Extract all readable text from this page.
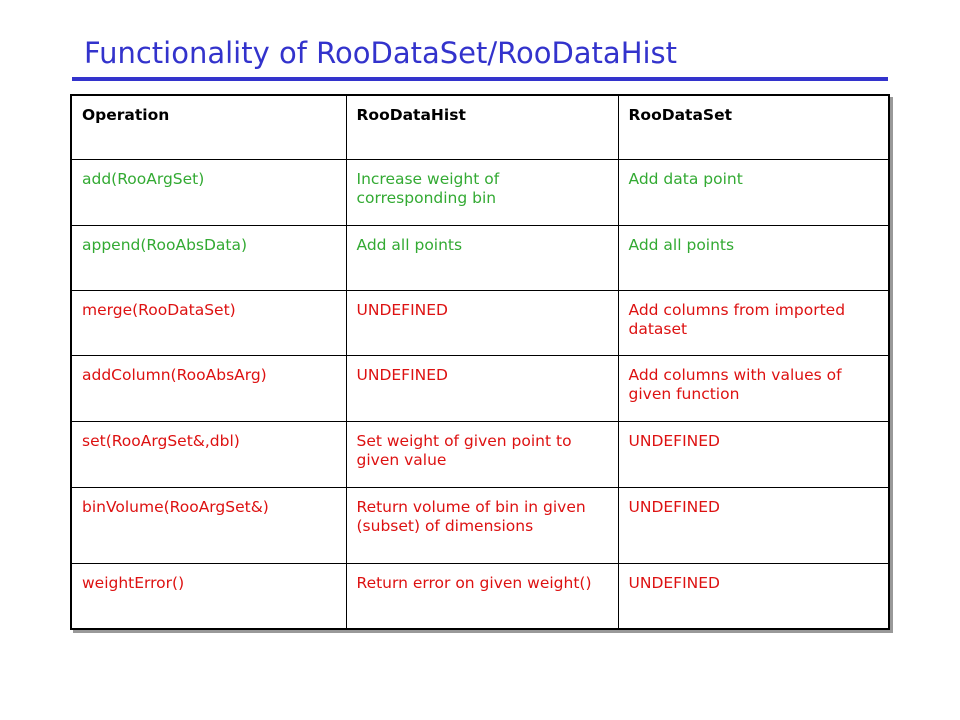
Functionality of RooDataSet/RooDataHist
Operation	RooDataHist	RooDataSet
add(RooArgSet)	Increase weight of corresponding bin	Add data point
append(RooAbsData)	Add all points	Add all points
merge(RooDataSet)	UNDEFINED	Add columns from imported dataset
addColumn(RooAbsArg)	UNDEFINED	Add columns with values of given function
set(RooArgSet&,dbl)	Set weight of given point to given value	UNDEFINED
binVolume(RooArgSet&)	Return volume of bin in given (subset) of dimensions	UNDEFINED
weightError()	Return error on given weight()	UNDEFINED
